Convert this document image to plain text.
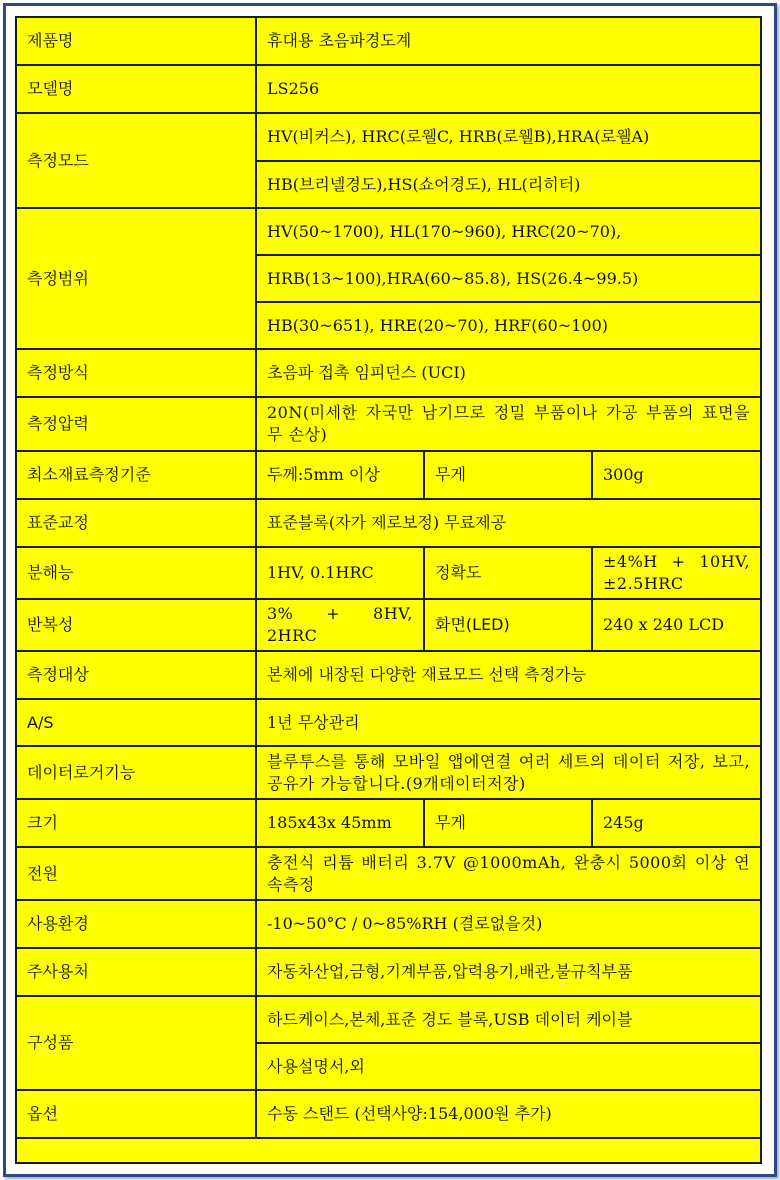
제품명	휴대용 초음파경도계		
모델명	LS256		
측정모드	HV(비커스), HRC(로웰C, HRB(로웰B),HRA(로웰A)		
	HB(브리넬경도),HS(쇼어경도), HL(리히터)		
측정범위	HV(50~1700), HL(170~960), HRC(20~70),		
	HRB(13~100),HRA(60~85.8), HS(26.4~99.5)		
	HB(30~651), HRE(20~70), HRF(60~100)		
측정방식	초음파 접촉 임피던스 (UCI)		
측정압력	20N(미세한 자국만 남기므로 정밀 부품이나 가공 부품의 표면을 무 손상)		
최소재료측정기준	두께:5mm 이상	무게	300g
표준교정	표준블록(자가 제로보정) 무료제공		
분해능	1HV, 0.1HRC	정확도	±4%H + 10HV, ±2.5HRC
반복성	3% + 8HV, 2HRC	화면(LED)	240 x 240 LCD
측정대상	본체에 내장된 다양한 재료모드 선택 측정가능		
A/S	1년 무상관리		
데이터로거기능	블루투스를 통해 모바일 앱에연결 여러 세트의 데이터 저장, 보고, 공유가 가능합니다.(9개데이터저장)		
크기	185x43x 45mm	무게	245g
전원	충전식 리튬 배터리 3.7V @1000mAh, 완충시 5000회 이상 연속측정		
사용환경	-10~50°C / 0~85%RH (결로없을것)		
주사용처	자동차산업,금형,기계부품,압력용기,배관,불규칙부품		
구성품	하드케이스,본체,표준 경도 블록,USB 데이터 케이블		
	사용설명서,외		
옵션	수동 스탠드 (선택사양:154,000원 추가)		
